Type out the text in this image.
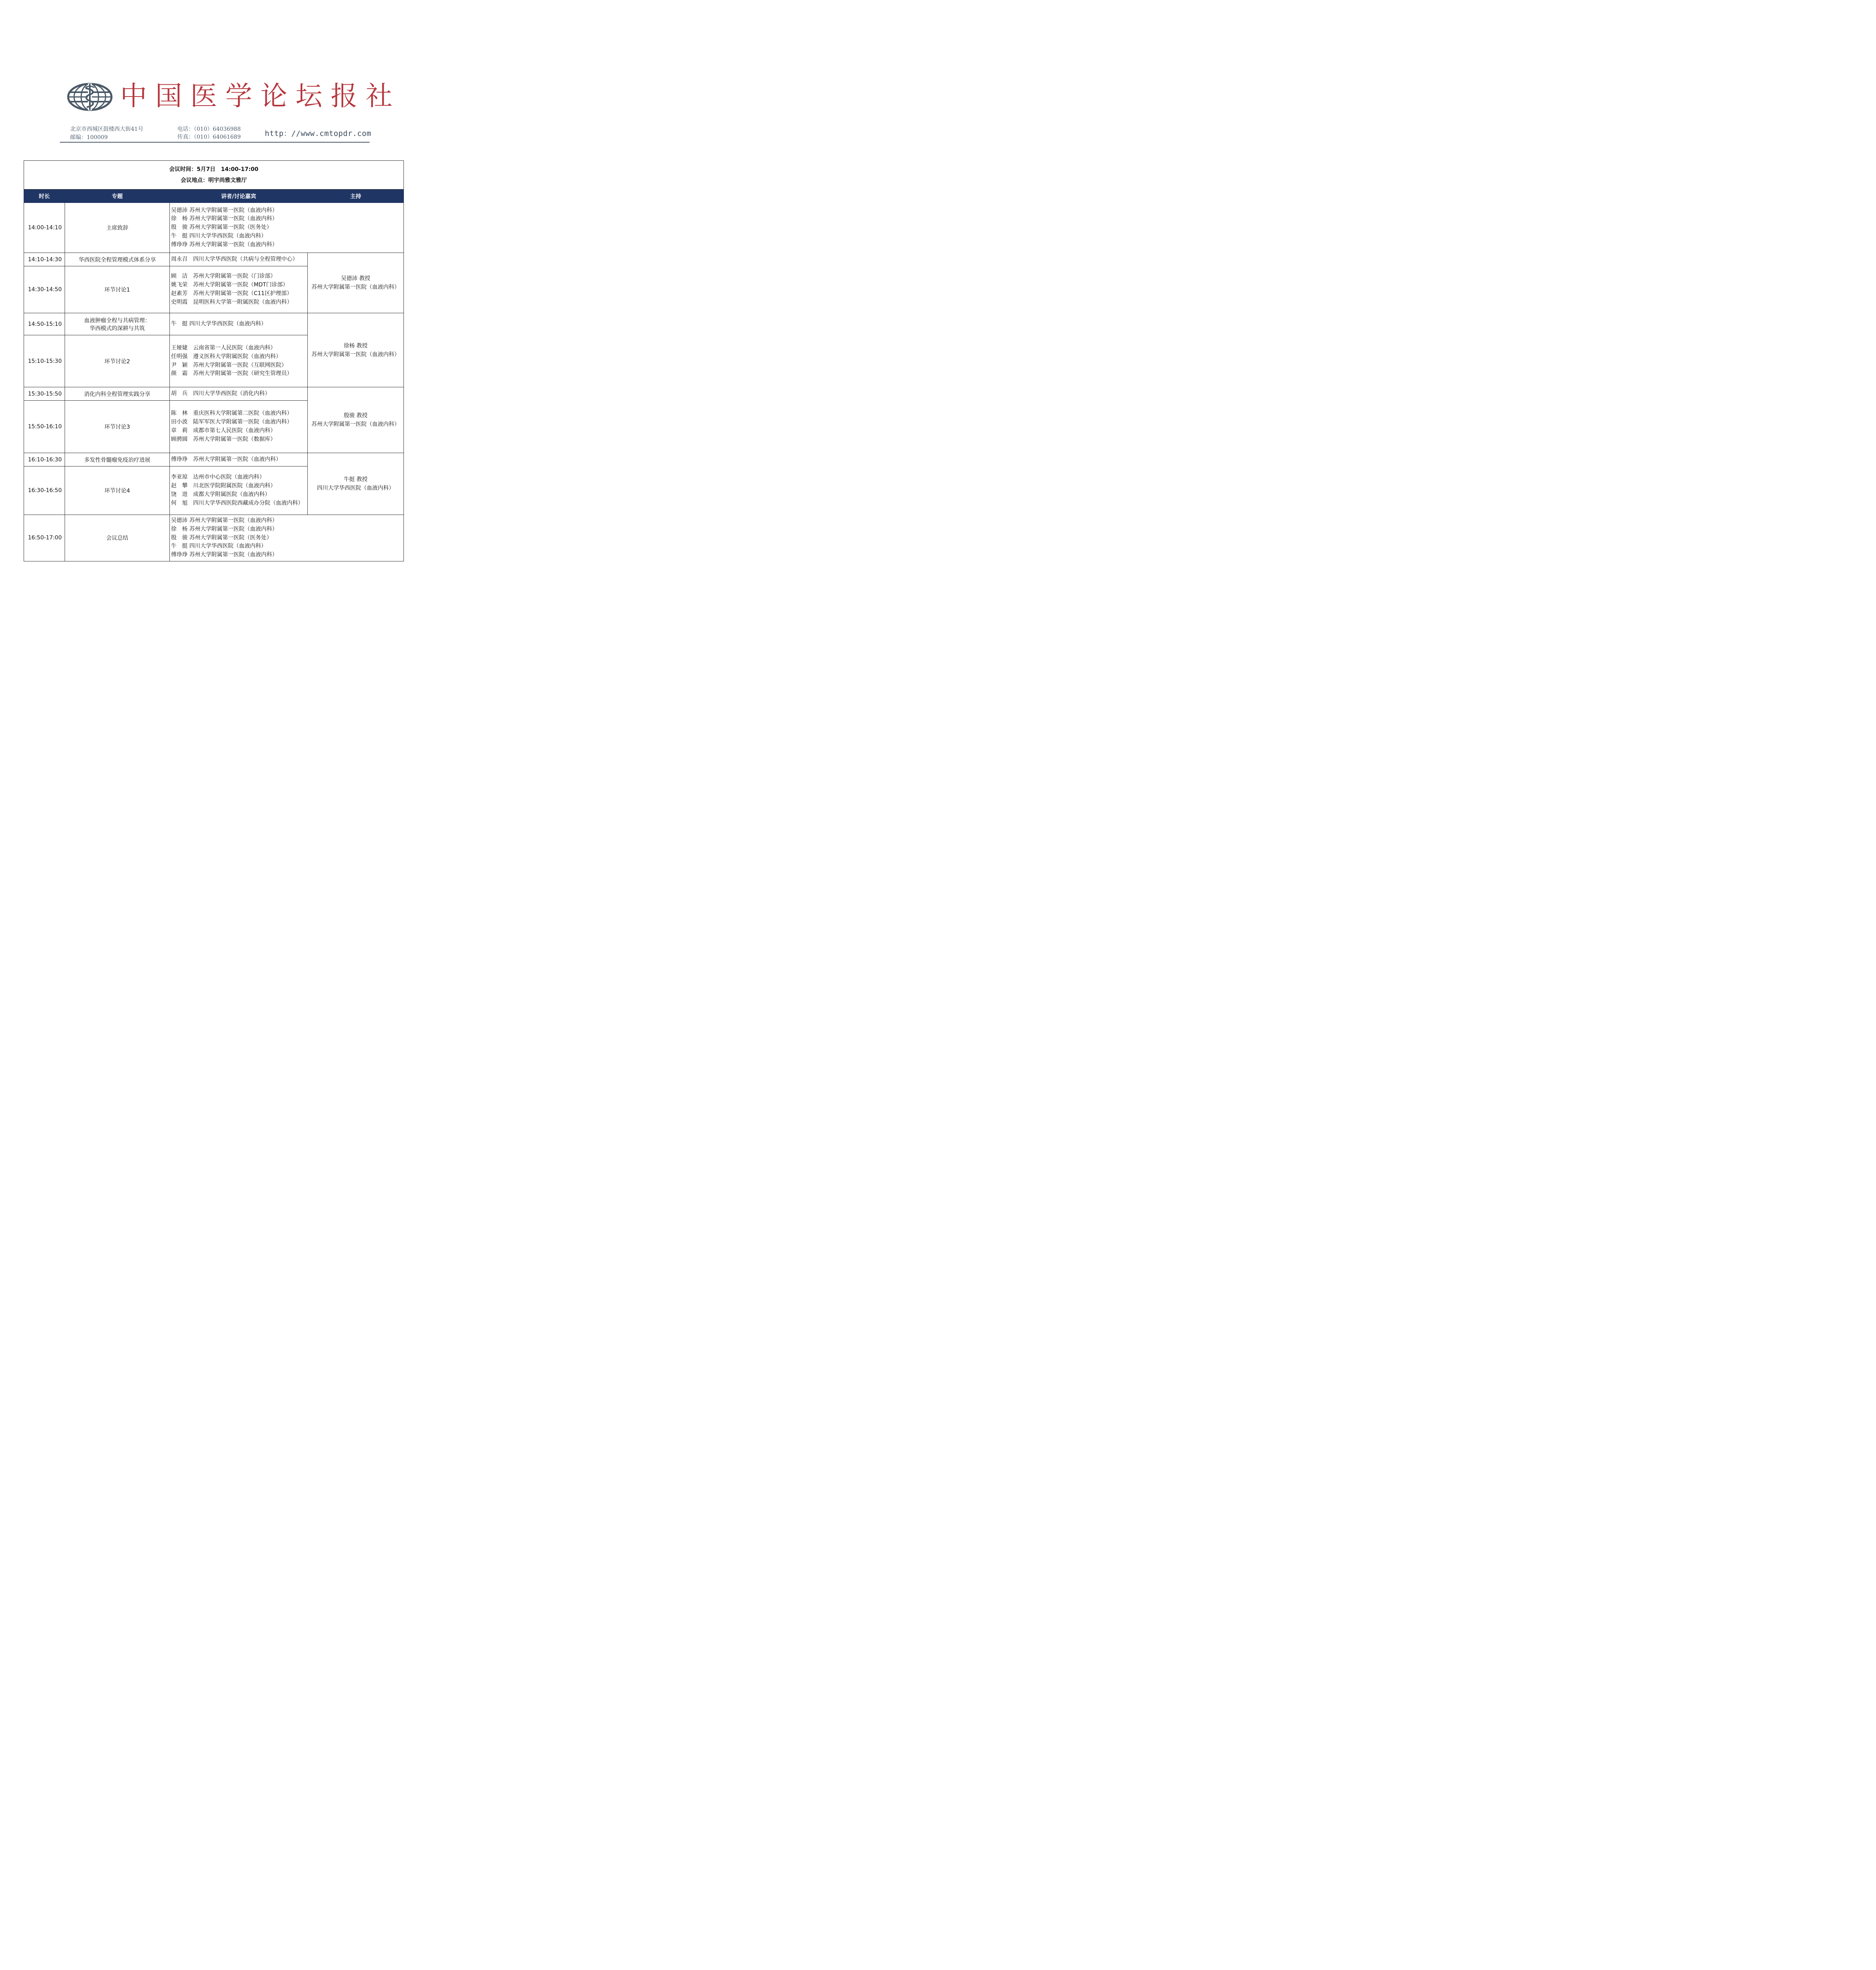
中国医学论坛报社
北京市西城区鼓楼西大街41号
邮编：100009
电话：（010）64036988
传真：（010）64061689	http：//www.cmtopdr.com
会议时间：5月7日　14:00-17:00
会议地点：明宇尚雅文雅厅			

时长	专题	讲者/讨论嘉宾	主持
14:00-14:10	主席致辞	吴德沛 苏州大学附属第一医院（血液内科）
徐　杨 苏州大学附属第一医院（血液内科）
殷　骏 苏州大学附属第一医院（医务处）
牛　挺 四川大学华西医院（血液内科）
傅琤琤 苏州大学附属第一医院（血液内科）	

14:10-14:30	华西医院全程管理模式体系分享	周永召　四川大学华西医院（共病与全程管理中心）	吴德沛 教授
苏州大学附属第一医院（血液内科）

14:30-14:50	环节讨论1	顾　洁　苏州大学附属第一医院（门诊部）
姚飞荣　苏州大学附属第一医院（MDT门诊部）
赵素芳　苏州大学附属第一医院（C11区护理部）
史明霞　昆明医科大学第一附属医院（血液内科）	

14:50-15:10	血液肿瘤全程与共病管理：
华西模式的深耕与共筑	牛　挺 四川大学华西医院（血液内科）	徐杨 教授
苏州大学附属第一医院（血液内科）

15:10-15:30	环节讨论2	王娅婕　云南省第一人民医院（血液内科）
任明强　遵义医科大学附属医院（血液内科）
尹　颖　苏州大学附属第一医院（互联网医院）
颜　霜　苏州大学附属第一医院（研究生管理员）	

15:30-15:50	消化内科全程管理实践分享	胡　兵　四川大学华西医院（消化内科）	殷骏 教授
苏州大学附属第一医院（血液内科）

15:50-16:10	环节讨论3	陈　林　重庆医科大学附属第二医院（血液内科）
田小波　陆军军医大学附属第一医院（血液内科）
章　莉　成都市第七人民医院（血液内科）
顾骋圆　苏州大学附属第一医院（数据库）	

16:10-16:30	多发性骨髓瘤免疫治疗进展	傅琤琤　苏州大学附属第一医院（血液内科）	牛挺 教授
四川大学华西医院（血液内科）

16:30-16:50	环节讨论4	李亚琼　达州市中心医院（血液内科）
赵　攀　川北医学院附属医院（血液内科）
饶　进　成都大学附属医院（血液内科）
何　旭　四川大学华西医院西藏成办分院（血液内科）	

16:50-17:00	会议总结	吴德沛 苏州大学附属第一医院（血液内科）
徐　杨 苏州大学附属第一医院（血液内科）
殷　骏 苏州大学附属第一医院（医务处）
牛　挺 四川大学华西医院（血液内科）
傅琤琤 苏州大学附属第一医院（血液内科）	
